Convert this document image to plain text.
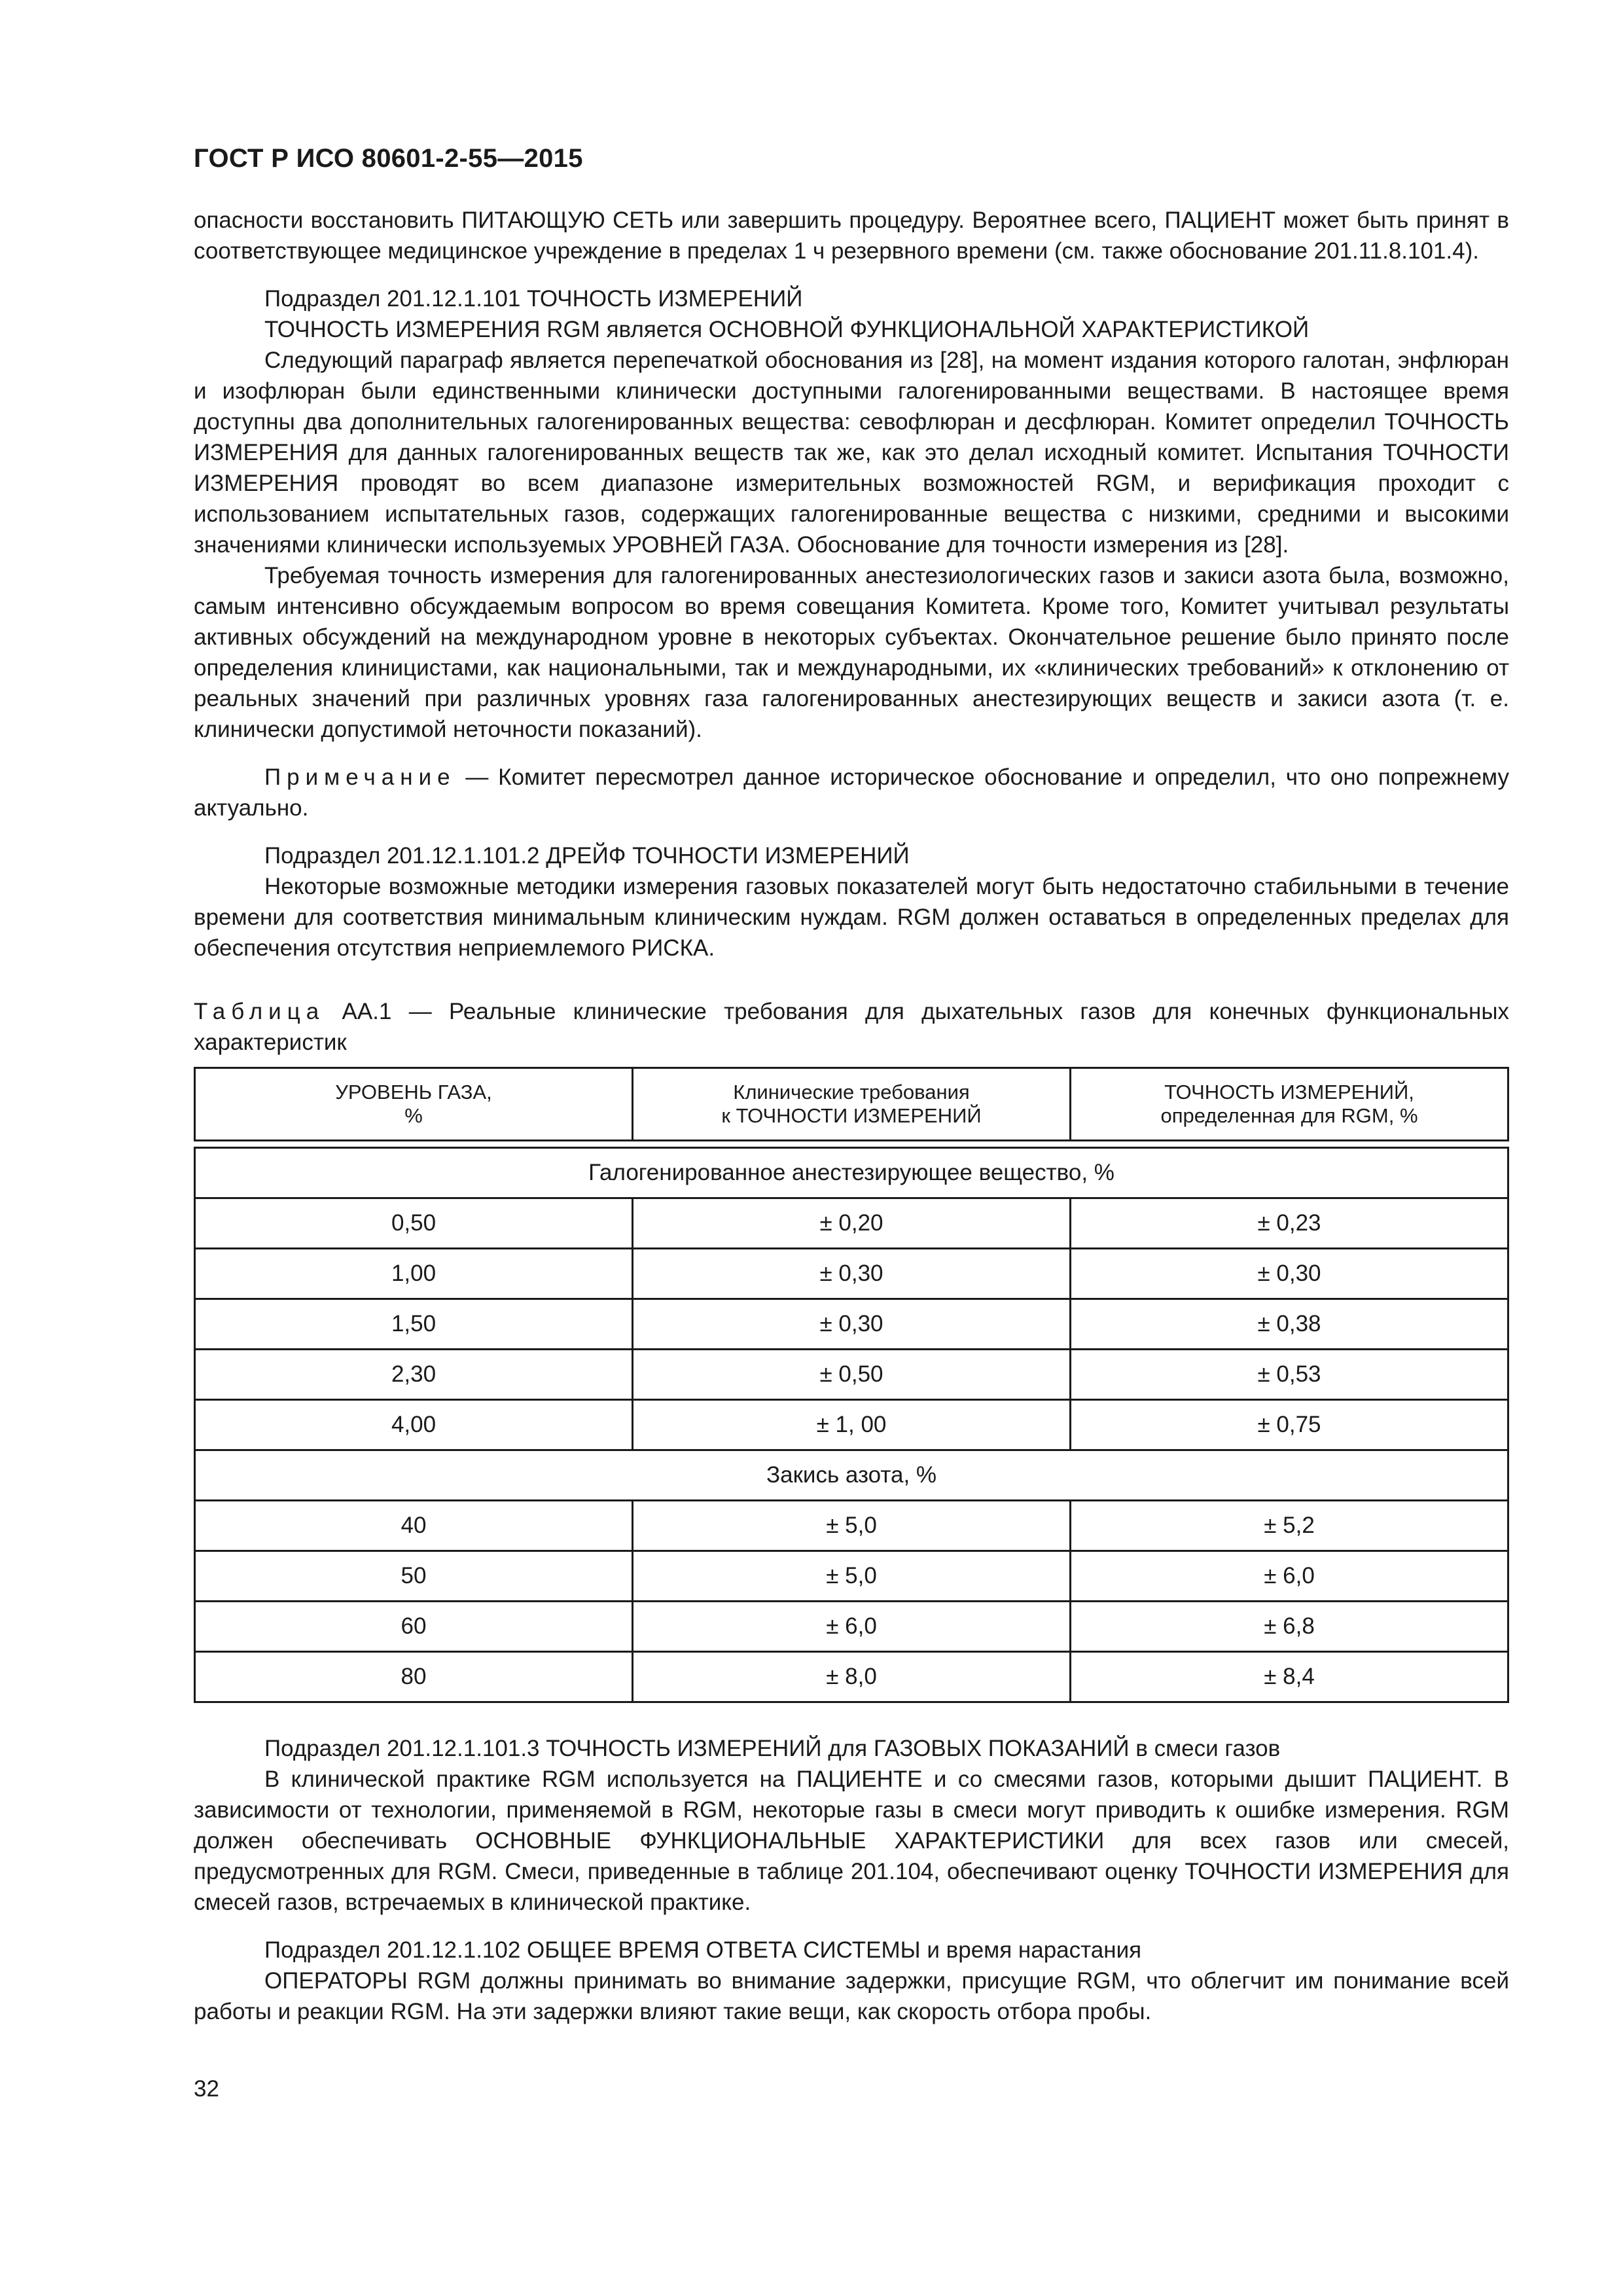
ГОСТ Р ИСО 80601-2-55—2015

опасности восстановить ПИТАЮЩУЮ СЕТЬ или завершить процедуру. Вероятнее всего, ПАЦИЕНТ может быть принят в соответствующее медицинское учреждение в пределах 1 ч резервного времени (см. также обоснование 201.11.8.101.4).

Подраздел 201.12.1.101 ТОЧНОСТЬ ИЗМЕРЕНИЙ

ТОЧНОСТЬ ИЗМЕРЕНИЯ RGM является ОСНОВНОЙ ФУНКЦИОНАЛЬНОЙ ХАРАКТЕРИСТИКОЙ

Следующий параграф является перепечаткой обоснования из [28], на момент издания которого галотан, энфлюран и изофлюран были единственными клинически доступными галогенированными веществами. В настоящее время доступны два дополнительных галогенированных вещества: севофлюран и десфлюран. Комитет определил ТОЧНОСТЬ ИЗМЕРЕНИЯ для данных галогенированных веществ так же, как это делал исходный комитет. Испытания ТОЧНОСТИ ИЗМЕРЕНИЯ проводят во всем диапазоне измерительных возможностей RGM, и верификация проходит с использованием испытательных газов, содержащих галогенированные вещества с низкими, средними и высокими значениями клинически используемых УРОВНЕЙ ГАЗА. Обоснование для точности измерения из [28].

Требуемая точность измерения для галогенированных анестезиологических газов и закиси азота была, возможно, самым интенсивно обсуждаемым вопросом во время совещания Комитета. Кроме того, Комитет учитывал результаты активных обсуждений на международном уровне в некоторых субъектах. Окончательное решение было принято после определения клиницистами, как национальными, так и международными, их «клинических требований» к отклонению от реальных значений при различных уровнях газа галогенированных анестезирующих веществ и закиси азота (т. е. клинически допустимой неточности показаний).

Примечание — Комитет пересмотрел данное историческое обоснование и определил, что оно попрежнему актуально.

Подраздел 201.12.1.101.2 ДРЕЙФ ТОЧНОСТИ ИЗМЕРЕНИЙ

Некоторые возможные методики измерения газовых показателей могут быть недостаточно стабильными в течение времени для соответствия минимальным клиническим нуждам. RGM должен оставаться в определенных пределах для обеспечения отсутствия неприемлемого РИСКА.

Таблица АА.1 — Реальные клинические требования для дыхательных газов для конечных функциональных характеристик

УРОВЕНЬ ГАЗА,
%	Клинические требования
к ТОЧНОСТИ ИЗМЕРЕНИЙ	ТОЧНОСТЬ ИЗМЕРЕНИЙ,
определенная для RGM, %

Галогенированное анестезирующее вещество, %		
0,50	± 0,20	± 0,23
1,00	± 0,30	± 0,30
1,50	± 0,30	± 0,38
2,30	± 0,50	± 0,53
4,00	± 1, 00	± 0,75
Закись азота, %		
40	± 5,0	± 5,2
50	± 5,0	± 6,0
60	± 6,0	± 6,8
80	± 8,0	± 8,4

Подраздел 201.12.1.101.3 ТОЧНОСТЬ ИЗМЕРЕНИЙ для ГАЗОВЫХ ПОКАЗАНИЙ в смеси газов

В клинической практике RGM используется на ПАЦИЕНТЕ и со смесями газов, которыми дышит ПАЦИЕНТ. В зависимости от технологии, применяемой в RGM, некоторые газы в смеси могут приводить к ошибке измерения. RGM должен обеспечивать ОСНОВНЫЕ ФУНКЦИОНАЛЬНЫЕ ХАРАКТЕРИСТИКИ для всех газов или смесей, предусмотренных для RGM. Смеси, приведенные в таблице 201.104, обеспечивают оценку ТОЧНОСТИ ИЗМЕРЕНИЯ для смесей газов, встречаемых в клинической практике.

Подраздел 201.12.1.102 ОБЩЕЕ ВРЕМЯ ОТВЕТА СИСТЕМЫ и время нарастания

ОПЕРАТОРЫ RGM должны принимать во внимание задержки, присущие RGM, что облегчит им понимание всей работы и реакции RGM. На эти задержки влияют такие вещи, как скорость отбора пробы.

32
